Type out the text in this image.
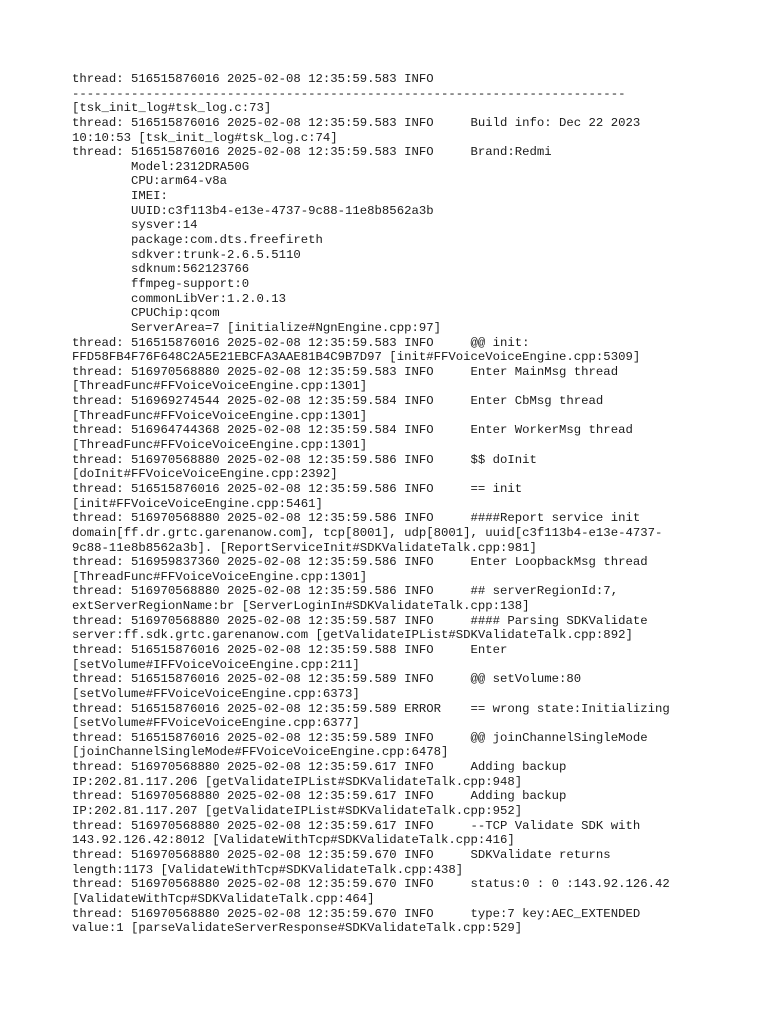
thread: 516515876016 2025-02-08 12:35:59.583 INFO
---------------------------------------------------------------------------
[tsk_init_log#tsk_log.c:73]
thread: 516515876016 2025-02-08 12:35:59.583 INFO     Build info: Dec 22 2023
10:10:53 [tsk_init_log#tsk_log.c:74]
thread: 516515876016 2025-02-08 12:35:59.583 INFO     Brand:Redmi
Model:2312DRA50G
CPU:arm64-v8a
IMEI:
UUID:c3f113b4-e13e-4737-9c88-11e8b8562a3b
sysver:14
package:com.dts.freefireth
sdkver:trunk-2.6.5.5110
sdknum:562123766
ffmpeg-support:0
commonLibVer:1.2.0.13
CPUChip:qcom
ServerArea=7 [initialize#NgnEngine.cpp:97]
thread: 516515876016 2025-02-08 12:35:59.583 INFO     @@ init:
FFD58FB4F76F648C2A5E21EBCFA3AAE81B4C9B7D97 [init#FFVoiceVoiceEngine.cpp:5309]
thread: 516970568880 2025-02-08 12:35:59.583 INFO     Enter MainMsg thread
[ThreadFunc#FFVoiceVoiceEngine.cpp:1301]
thread: 516969274544 2025-02-08 12:35:59.584 INFO     Enter CbMsg thread
[ThreadFunc#FFVoiceVoiceEngine.cpp:1301]
thread: 516964744368 2025-02-08 12:35:59.584 INFO     Enter WorkerMsg thread
[ThreadFunc#FFVoiceVoiceEngine.cpp:1301]
thread: 516970568880 2025-02-08 12:35:59.586 INFO     $$ doInit
[doInit#FFVoiceVoiceEngine.cpp:2392]
thread: 516515876016 2025-02-08 12:35:59.586 INFO     == init
[init#FFVoiceVoiceEngine.cpp:5461]
thread: 516970568880 2025-02-08 12:35:59.586 INFO     ####Report service init
domain[ff.dr.grtc.garenanow.com], tcp[8001], udp[8001], uuid[c3f113b4-e13e-4737-
9c88-11e8b8562a3b]. [ReportServiceInit#SDKValidateTalk.cpp:981]
thread: 516959837360 2025-02-08 12:35:59.586 INFO     Enter LoopbackMsg thread
[ThreadFunc#FFVoiceVoiceEngine.cpp:1301]
thread: 516970568880 2025-02-08 12:35:59.586 INFO     ## serverRegionId:7,
extServerRegionName:br [ServerLoginIn#SDKValidateTalk.cpp:138]
thread: 516970568880 2025-02-08 12:35:59.587 INFO     #### Parsing SDKValidate
server:ff.sdk.grtc.garenanow.com [getValidateIPList#SDKValidateTalk.cpp:892]
thread: 516515876016 2025-02-08 12:35:59.588 INFO     Enter
[setVolume#IFFVoiceVoiceEngine.cpp:211]
thread: 516515876016 2025-02-08 12:35:59.589 INFO     @@ setVolume:80
[setVolume#FFVoiceVoiceEngine.cpp:6373]
thread: 516515876016 2025-02-08 12:35:59.589 ERROR    == wrong state:Initializing
[setVolume#FFVoiceVoiceEngine.cpp:6377]
thread: 516515876016 2025-02-08 12:35:59.589 INFO     @@ joinChannelSingleMode
[joinChannelSingleMode#FFVoiceVoiceEngine.cpp:6478]
thread: 516970568880 2025-02-08 12:35:59.617 INFO     Adding backup
IP:202.81.117.206 [getValidateIPList#SDKValidateTalk.cpp:948]
thread: 516970568880 2025-02-08 12:35:59.617 INFO     Adding backup
IP:202.81.117.207 [getValidateIPList#SDKValidateTalk.cpp:952]
thread: 516970568880 2025-02-08 12:35:59.617 INFO     --TCP Validate SDK with
143.92.126.42:8012 [ValidateWithTcp#SDKValidateTalk.cpp:416]
thread: 516970568880 2025-02-08 12:35:59.670 INFO     SDKValidate returns
length:1173 [ValidateWithTcp#SDKValidateTalk.cpp:438]
thread: 516970568880 2025-02-08 12:35:59.670 INFO     status:0 : 0 :143.92.126.42
[ValidateWithTcp#SDKValidateTalk.cpp:464]
thread: 516970568880 2025-02-08 12:35:59.670 INFO     type:7 key:AEC_EXTENDED
value:1 [parseValidateServerResponse#SDKValidateTalk.cpp:529]
